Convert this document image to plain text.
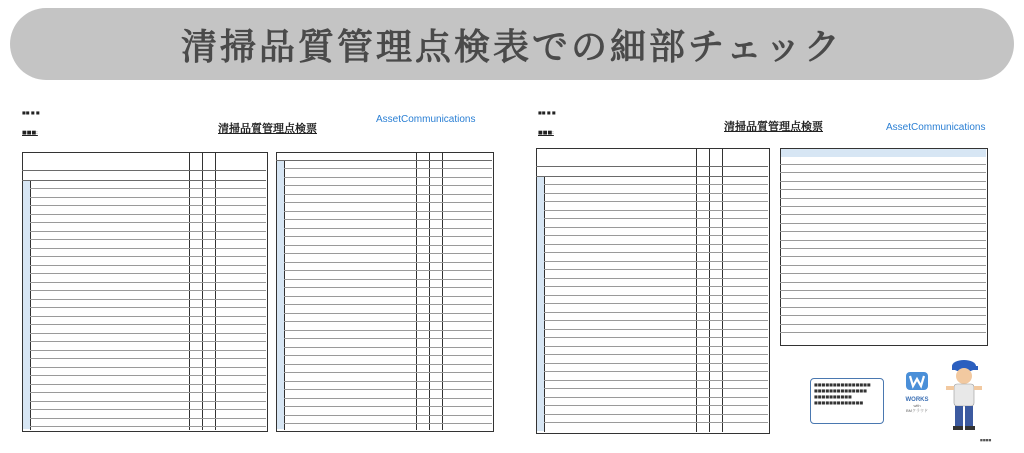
清掃品質管理点検表での細部チェック
■■ ■ ■
■■■:	清掃品質管理点検票
AssetCommunications
■■ ■ ■
■■■:	清掃品質管理点検票	AssetCommunications
■■■■■■■■■■■■■■■
■■■■■■■■■■■■■■
■■■■■■■■■■
■■■■■■■■■■■■■	WORKS
with
BMクラウド
■■■■
